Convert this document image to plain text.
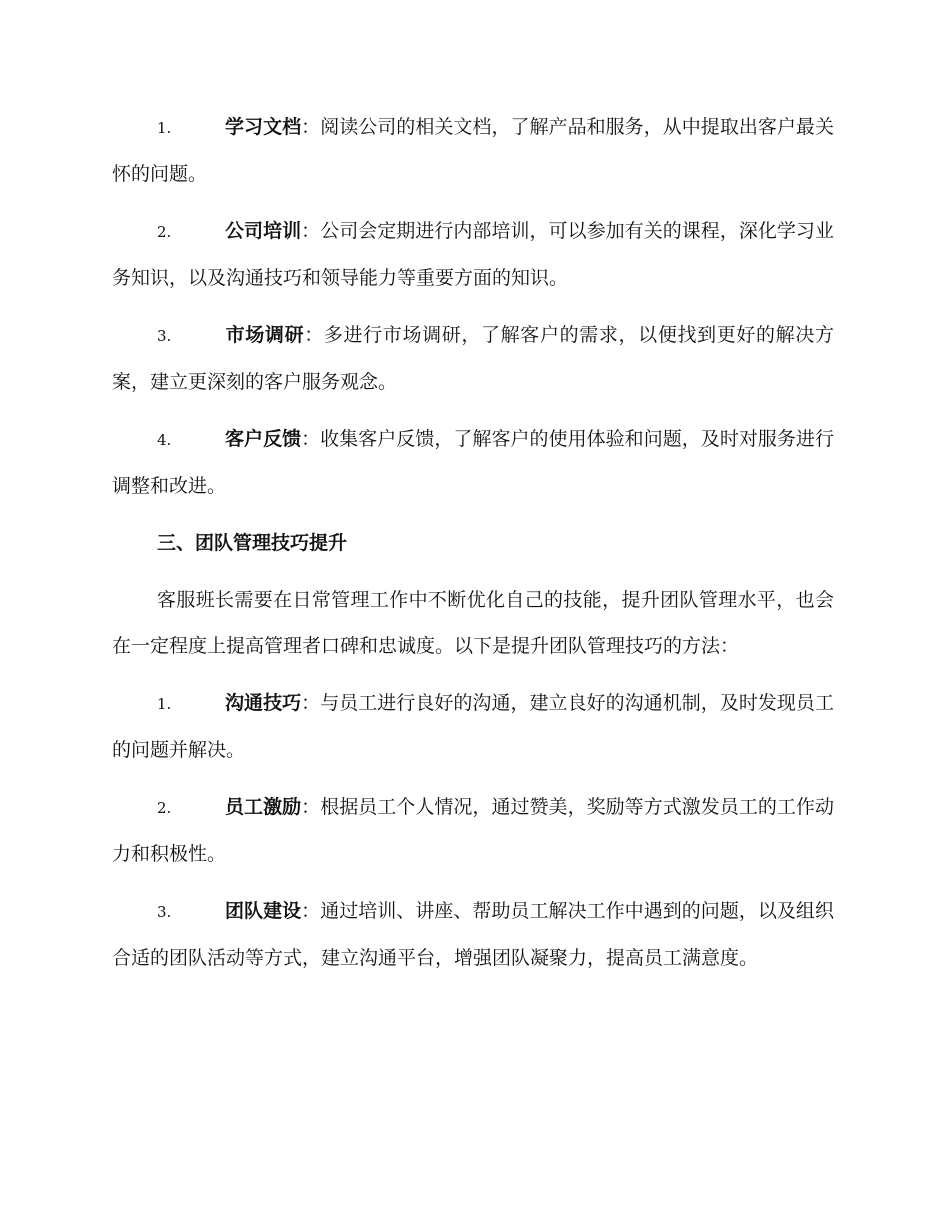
1.	学习文档：阅读公司的相关文档，了解产品和服务，从中提取出客户最关怀的问题。

2.	公司培训：公司会定期进行内部培训，可以参加有关的课程，深化学习业务知识，以及沟通技巧和领导能力等重要方面的知识。

3.	市场调研：多进行市场调研，了解客户的需求，以便找到更好的解决方案，建立更深刻的客户服务观念。

4.	客户反馈：收集客户反馈，了解客户的使用体验和问题，及时对服务进行调整和改进。

三、团队管理技巧提升

客服班长需要在日常管理工作中不断优化自己的技能，提升团队管理水平，也会在一定程度上提高管理者口碑和忠诚度。以下是提升团队管理技巧的方法：

1.	沟通技巧：与员工进行良好的沟通，建立良好的沟通机制，及时发现员工的问题并解决。

2.	员工激励：根据员工个人情况，通过赞美，奖励等方式激发员工的工作动力和积极性。

3.	团队建设：通过培训、讲座、帮助员工解决工作中遇到的问题，以及组织合适的团队活动等方式，建立沟通平台，增强团队凝聚力，提高员工满意度。
